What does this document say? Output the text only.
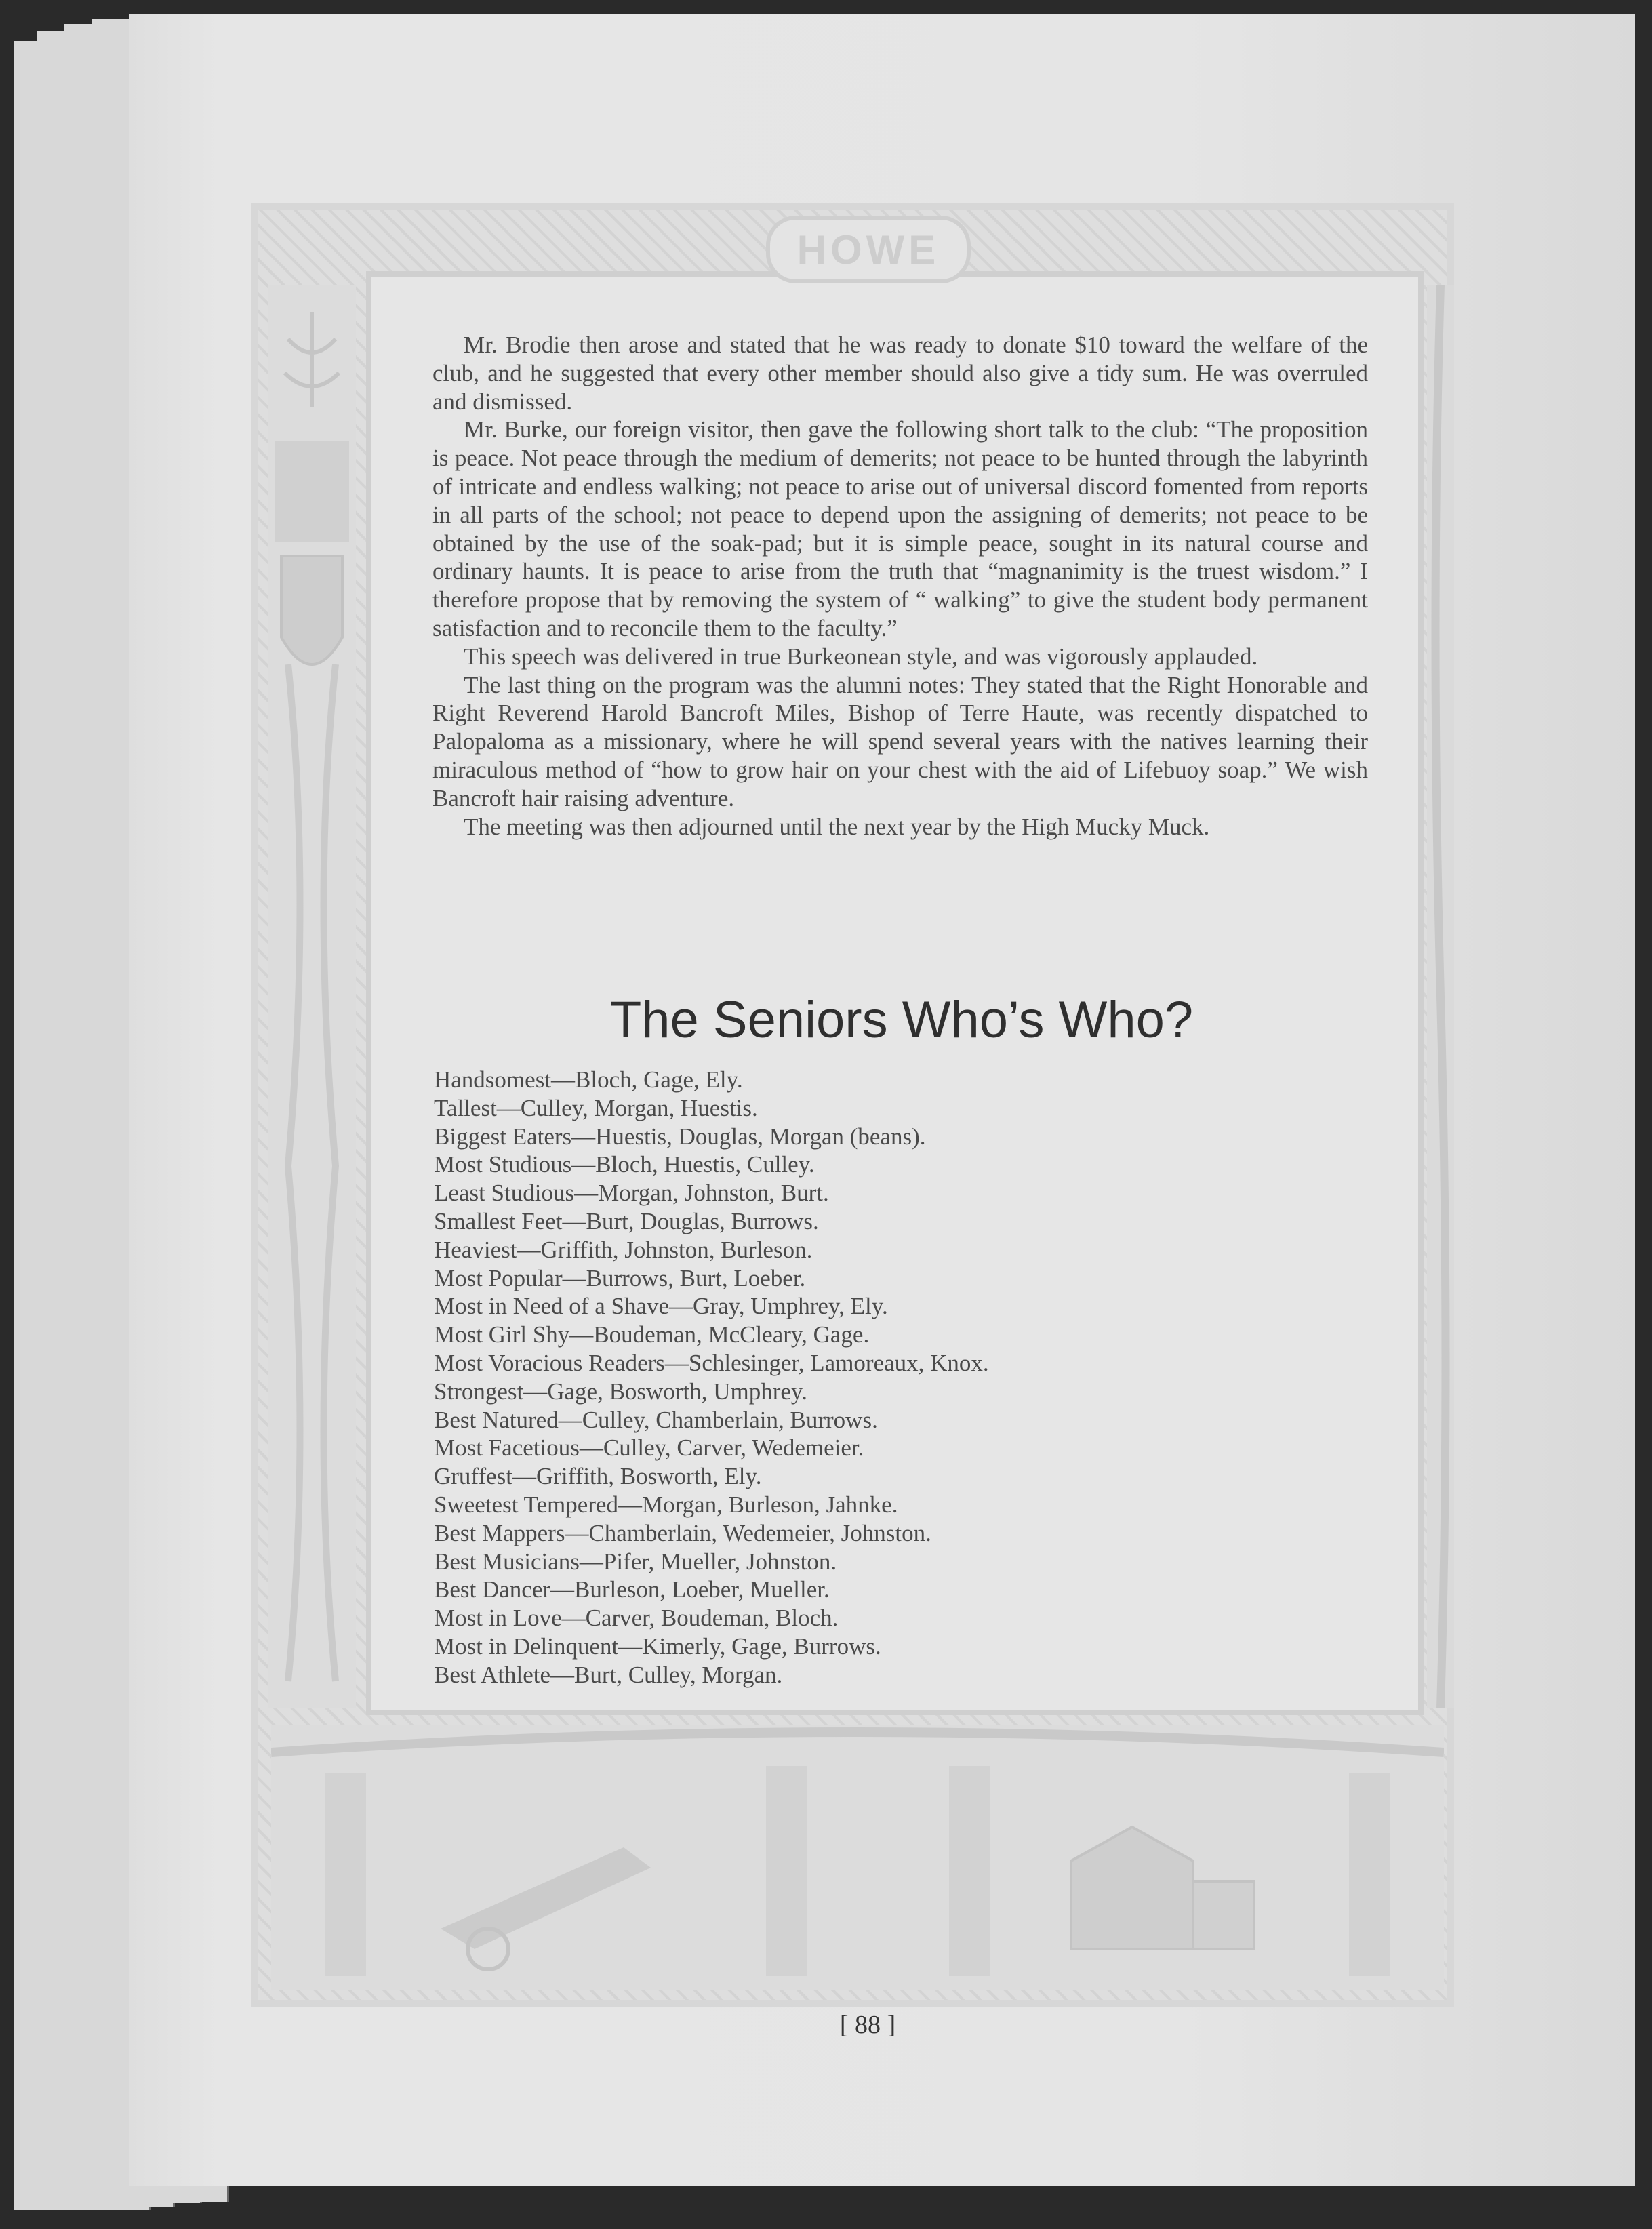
HOWE

Mr. Brodie then arose and stated that he was ready to donate $10 toward the welfare of the club, and he suggested that every other member should also give a tidy sum. He was overruled and dismissed.

Mr. Burke, our foreign visitor, then gave the following short talk to the club: “The proposition is peace. Not peace through the medium of demerits; not peace to be hunted through the labyrinth of intricate and endless walking; not peace to arise out of universal discord fomented from reports in all parts of the school; not peace to depend upon the assigning of demerits; not peace to be obtained by the use of the soak-pad; but it is simple peace, sought in its natural course and ordinary haunts. It is peace to arise from the truth that “magnanimity is the truest wisdom.” I therefore propose that by removing the system of “ walking” to give the student body permanent satisfaction and to reconcile them to the faculty.”

This speech was delivered in true Burkeonean style, and was vigorously applauded.

The last thing on the program was the alumni notes: They stated that the Right Honorable and Right Reverend Harold Bancroft Miles, Bishop of Terre Haute, was recently dispatched to Palopaloma as a missionary, where he will spend several years with the natives learning their miraculous method of “how to grow hair on your chest with the aid of Lifebuoy soap.” We wish Bancroft hair raising adventure.

The meeting was then adjourned until the next year by the High Mucky Muck.

The Seniors Who’s Who?
Handsomest—Bloch, Gage, Ely.
Tallest—Culley, Morgan, Huestis.
Biggest Eaters—Huestis, Douglas, Morgan (beans).
Most Studious—Bloch, Huestis, Culley.
Least Studious—Morgan, Johnston, Burt.
Smallest Feet—Burt, Douglas, Burrows.
Heaviest—Griffith, Johnston, Burleson.
Most Popular—Burrows, Burt, Loeber.
Most in Need of a Shave—Gray, Umphrey, Ely.
Most Girl Shy—Boudeman, McCleary, Gage.
Most Voracious Readers—Schlesinger, Lamoreaux, Knox.
Strongest—Gage, Bosworth, Umphrey.
Best Natured—Culley, Chamberlain, Burrows.
Most Facetious—Culley, Carver, Wedemeier.
Gruffest—Griffith, Bosworth, Ely.
Sweetest Tempered—Morgan, Burleson, Jahnke.
Best Mappers—Chamberlain, Wedemeier, Johnston.
Best Musicians—Pifer, Mueller, Johnston.
Best Dancer—Burleson, Loeber, Mueller.
Most in Love—Carver, Boudeman, Bloch.
Most in Delinquent—Kimerly, Gage, Burrows.
Best Athlete—Burt, Culley, Morgan.
[ 88 ]
